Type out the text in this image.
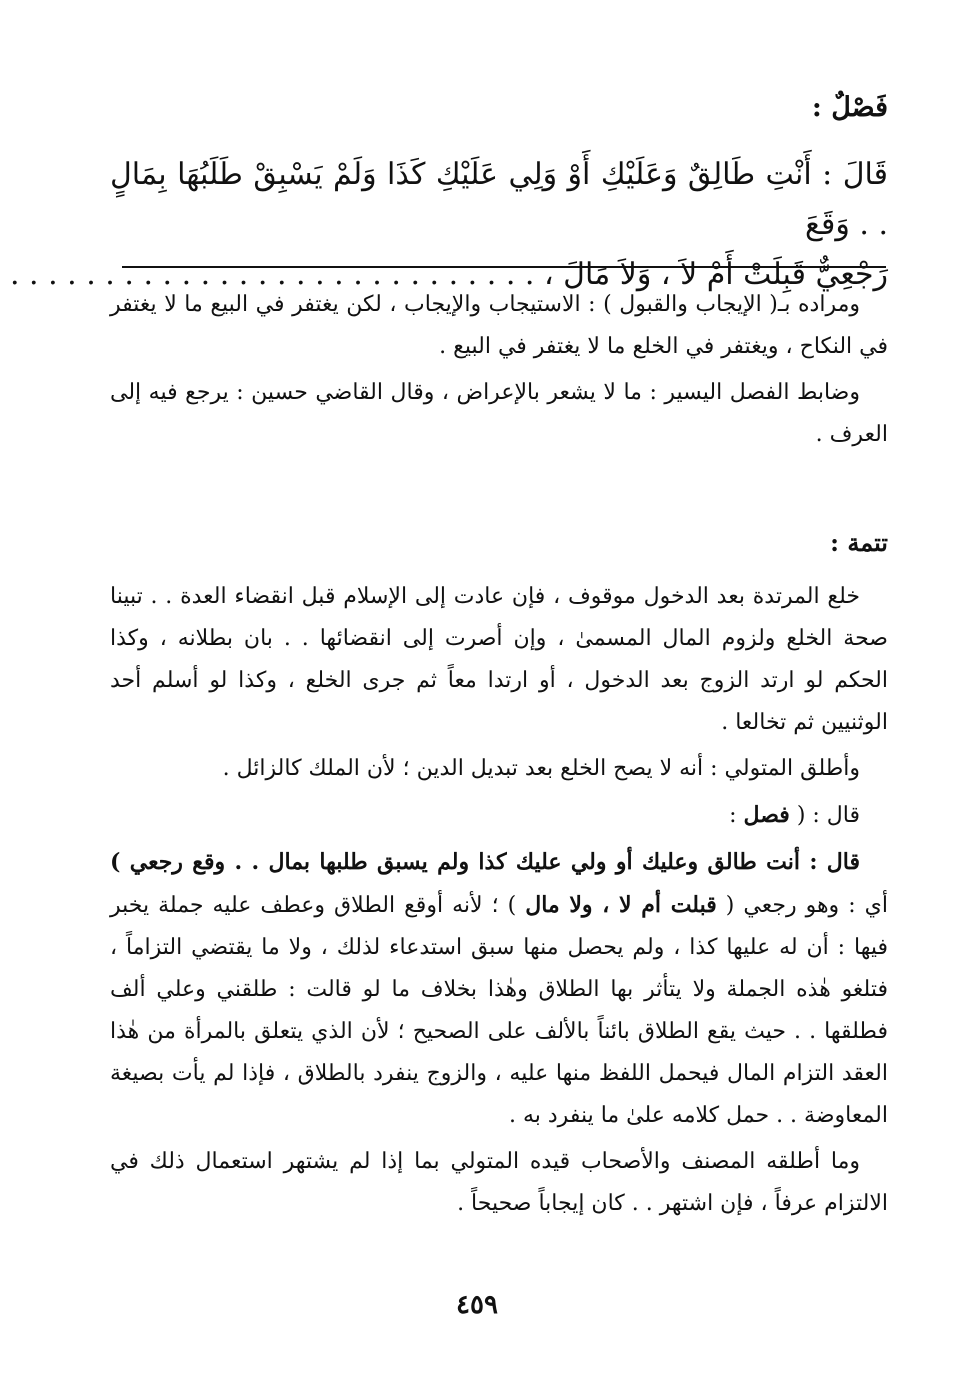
فَصْلٌ :
قَالَ : أَنْتِ طَالِقٌ وَعَلَيْكِ أَوْ وَلِي عَلَيْكِ كَذَا وَلَمْ يَسْبِقْ طَلَبُهَا بِمَالٍ . . وَقَعَ
رَجْعِيٌّ قَبِلَتْ أَمْ لاَ ، وَلاَ مَالَ ، . . . . . . . . . . . . . . . . . . . . . . . . . . . .

ومراده بـ( الإيجاب والقبول ) : الاستيجاب والإيجاب ، لكن يغتفر في البيع ما لا يغتفر في النكاح ، ويغتفر في الخلع ما لا يغتفر في البيع .

وضابط الفصل اليسير : ما لا يشعر بالإعراض ، وقال القاضي حسين : يرجع فيه إلى العرف .

تتمة :

خلع المرتدة بعد الدخول موقوف ، فإن عادت إلى الإسلام قبل انقضاء العدة . . تبينا صحة الخلع ولزوم المال المسمىٰ ، وإن أصرت إلى انقضائها . . بان بطلانه ، وكذا الحكم لو ارتد الزوج بعد الدخول ، أو ارتدا معاً ثم جرى الخلع ، وكذا لو أسلم أحد الوثنيين ثم تخالعا .

وأطلق المتولي : أنه لا يصح الخلع بعد تبديل الدين ؛ لأن الملك كالزائل .

قال : ( فصل :

قال : أنت طالق وعليك أو ولي عليك كذا ولم يسبق طلبها بمال . . وقع رجعي ) أي : وهو رجعي ( قبلت أم لا ، ولا مال ) ؛ لأنه أوقع الطلاق وعطف عليه جملة يخبر فيها : أن له عليها كذا ، ولم يحصل منها سبق استدعاء لذلك ، ولا ما يقتضي التزاماً ، فتلغو هٰذه الجملة ولا يتأثر بها الطلاق وهٰذا بخلاف ما لو قالت : طلقني وعلي ألف فطلقها . . حيث يقع الطلاق بائناً بالألف على الصحيح ؛ لأن الذي يتعلق بالمرأة من هٰذا العقد التزام المال فيحمل اللفظ منها عليه ، والزوج ينفرد بالطلاق ، فإذا لم يأت بصيغة المعاوضة . . حمل كلامه علىٰ ما ينفرد به .

وما أطلقه المصنف والأصحاب قيده المتولي بما إذا لم يشتهر استعمال ذلك في الالتزام عرفاً ، فإن اشتهر . . كان إيجاباً صحيحاً .

٤٥٩
